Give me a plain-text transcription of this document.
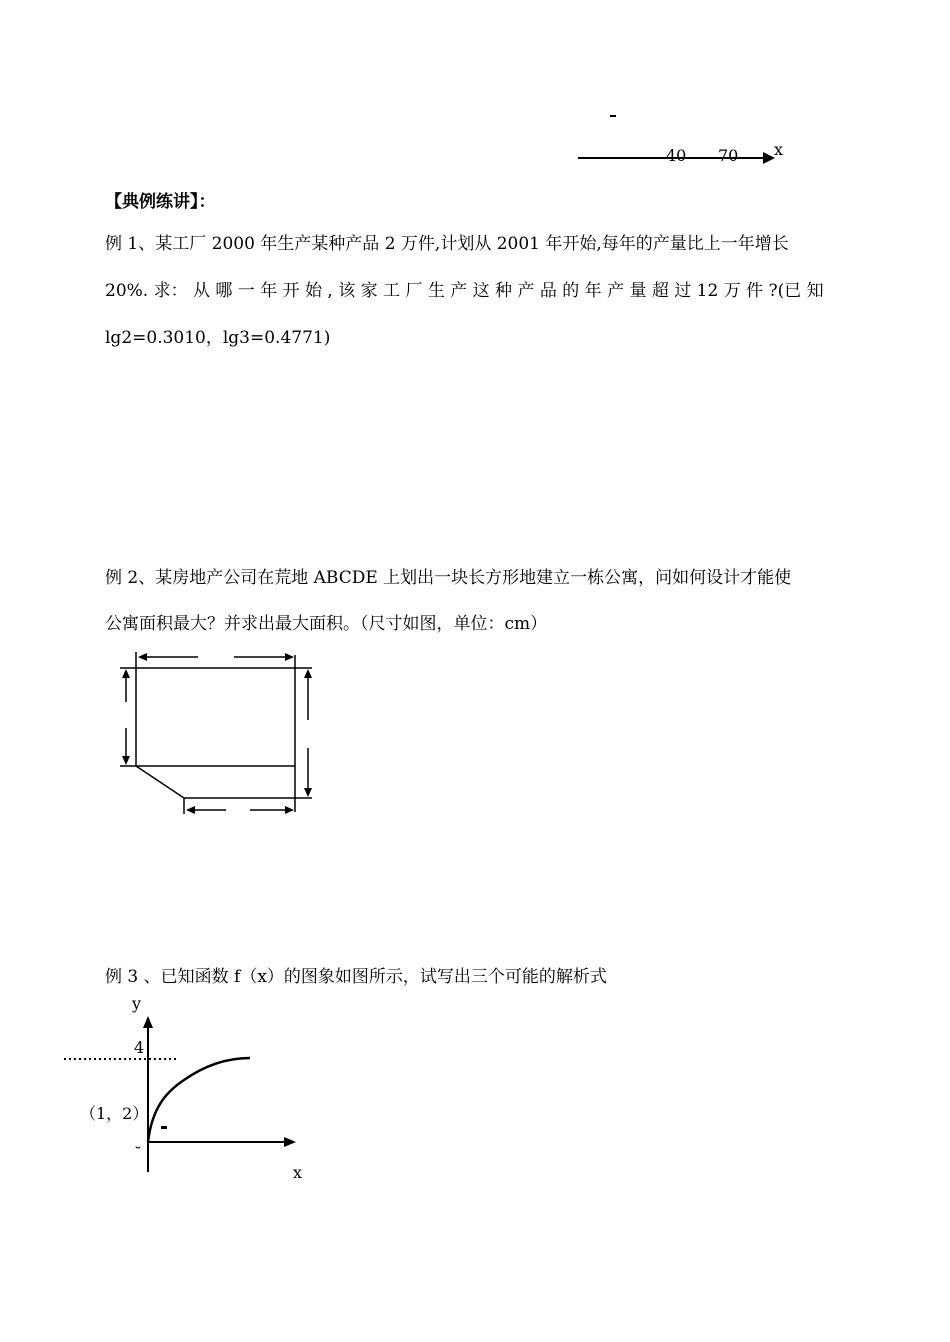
40 70 x
【典例练讲】：
例 1、某工厂 2000 年生产某种产品 2 万件,计划从 2001 年开始,每年的产量比上一年增长
20%. 求： 从 哪 一 年 开 始 , 该 家 工 厂 生 产 这 种 产 品 的 年 产 量 超 过 12 万 件 ?(已 知
lg2=0.3010，lg3=0.4771)
例 2、某房地产公司在荒地 ABCDE 上划出一块长方形地建立一栋公寓，问如何设计才能使
公寓面积最大？并求出最大面积。（尺寸如图，单位：cm）
例 3 、已知函数 f（x）的图象如图所示，试写出三个可能的解析式
y
4
（1，2）
˘
x
